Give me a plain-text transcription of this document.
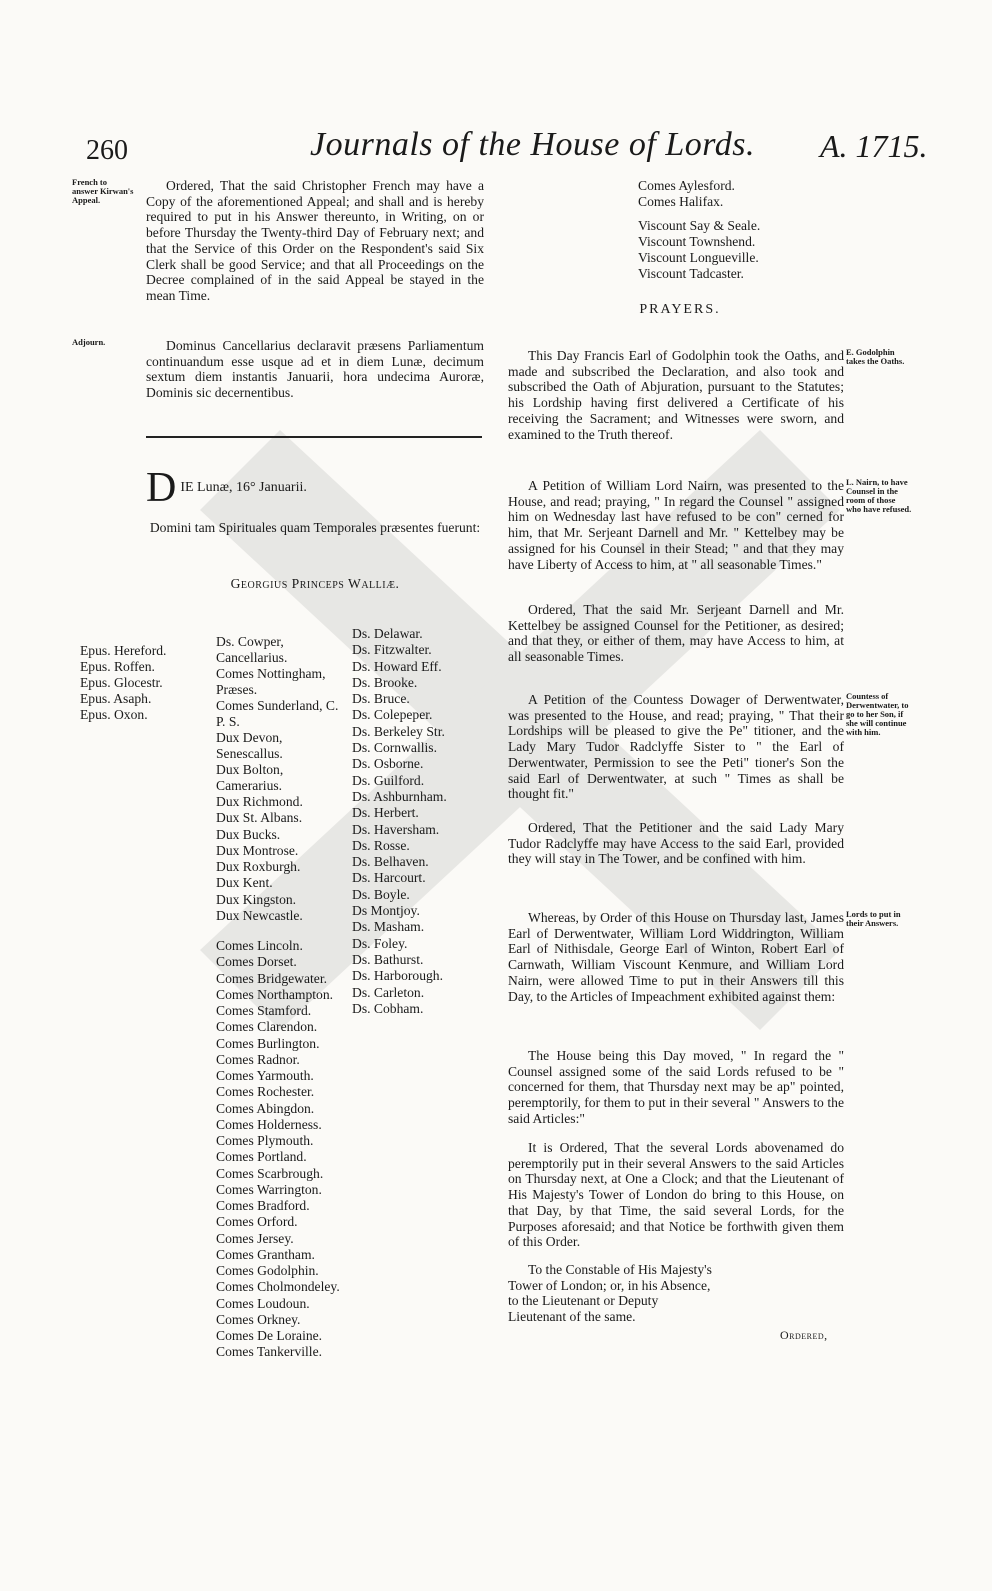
260	Journals of the House of Lords. A. 1715.
French to answer Kirwan's Appeal.
Ordered, That the said Christopher French may have a Copy of the aforementioned Appeal; and shall and is hereby required to put in his Answer thereunto, in Writing, on or before Thursday the Twenty-third Day of February next; and that the Service of this Order on the Respondent's said Six Clerk shall be good Service; and that all Proceedings on the Decree complained of in the said Appeal be stayed in the mean Time.
Adjourn.	Dominus Cancellarius declaravit præsens Parliamentum continuandum esse usque ad et in diem Lunæ, decimum sextum diem instantis Januarii, hora undecima Auroræ, Dominis sic decernentibus.
D IE Lunæ, 16° Januarii.
Domini tam Spirituales quam Temporales præsentes fuerunt:
Georgius Princeps Walliæ.

Epus. Hereford.

Epus. Roffen.

Epus. Glocestr.

Epus. Asaph.

Epus. Oxon.

Ds. Cowper, Cancellarius.

Comes Nottingham, Præses.

Comes Sunderland, C. P. S.

Dux Devon, Senescallus.

Dux Bolton, Camerarius.

Dux Richmond.

Dux St. Albans.

Dux Bucks.

Dux Montrose.

Dux Roxburgh.

Dux Kent.

Dux Kingston.

Dux Newcastle.

Comes Lincoln.

Comes Dorset.

Comes Bridgewater.

Comes Northampton.

Comes Stamford.

Comes Clarendon.

Comes Burlington.

Comes Radnor.

Comes Yarmouth.

Comes Rochester.

Comes Abingdon.

Comes Holderness.

Comes Plymouth.

Comes Portland.

Comes Scarbrough.

Comes Warrington.

Comes Bradford.

Comes Orford.

Comes Jersey.

Comes Grantham.

Comes Godolphin.

Comes Cholmondeley.

Comes Loudoun.

Comes Orkney.

Comes De Loraine.

Comes Tankerville.

Ds. Delawar.

Ds. Fitzwalter.

Ds. Howard Eff.

Ds. Brooke.

Ds. Bruce.

Ds. Colepeper.

Ds. Berkeley Str.

Ds. Cornwallis.

Ds. Osborne.

Ds. Guilford.

Ds. Ashburnham.

Ds. Herbert.

Ds. Haversham.

Ds. Rosse.

Ds. Belhaven.

Ds. Harcourt.

Ds. Boyle.

Ds Montjoy.

Ds. Masham.

Ds. Foley.

Ds. Bathurst.

Ds. Harborough.

Ds. Carleton.

Ds. Cobham.

Comes Aylesford.

Comes Halifax.

Viscount Say & Seale.

Viscount Townshend.

Viscount Longueville.

Viscount Tadcaster.

PRAYERS.
E. Godolphin takes the Oaths.
This Day Francis Earl of Godolphin took the Oaths, and made and subscribed the Declaration, and also took and subscribed the Oath of Abjuration, pursuant to the Statutes; his Lordship having first delivered a Certificate of his receiving the Sacrament; and Witnesses were sworn, and examined to the Truth thereof.
L. Nairn, to have Counsel in the room of those who have refused.
A Petition of William Lord Nairn, was presented to the House, and read; praying, " In regard the Counsel " assigned him on Wednesday last have refused to be con" cerned for him, that Mr. Serjeant Darnell and Mr. " Kettelbey may be assigned for his Counsel in their Stead; " and that they may have Liberty of Access to him, at " all seasonable Times."
Ordered, That the said Mr. Serjeant Darnell and Mr. Kettelbey be assigned Counsel for the Petitioner, as desired; and that they, or either of them, may have Access to him, at all seasonable Times.
Countess of Derwentwater, to go to her Son, if she will continue with him.
A Petition of the Countess Dowager of Derwentwater, was presented to the House, and read; praying, " That their Lordships will be pleased to give the Pe" titioner, and the Lady Mary Tudor Radclyffe Sister to " the Earl of Derwentwater, Permission to see the Peti" tioner's Son the said Earl of Derwentwater, at such " Times as shall be thought fit."
Ordered, That the Petitioner and the said Lady Mary Tudor Radclyffe may have Access to the said Earl, provided they will stay in The Tower, and be confined with him.
Lords to put in their Answers.
Whereas, by Order of this House on Thursday last, James Earl of Derwentwater, William Lord Widdrington, William Earl of Nithisdale, George Earl of Winton, Robert Earl of Carnwath, William Viscount Kenmure, and William Lord Nairn, were allowed Time to put in their Answers till this Day, to the Articles of Impeachment exhibited against them:
The House being this Day moved, " In regard the " Counsel assigned some of the said Lords refused to be " concerned for them, that Thursday next may be ap" pointed, peremptorily, for them to put in their several " Answers to the said Articles:"
It is Ordered, That the several Lords abovenamed do peremptorily put in their several Answers to the said Articles on Thursday next, at One a Clock; and that the Lieutenant of His Majesty's Tower of London do bring to this House, on that Day, by that Time, the said several Lords, for the Purposes aforesaid; and that Notice be forthwith given them of this Order.
To the Constable of His Majesty's Tower of London; or, in his Absence, to the Lieutenant or Deputy Lieutenant of the same.
Ordered,
